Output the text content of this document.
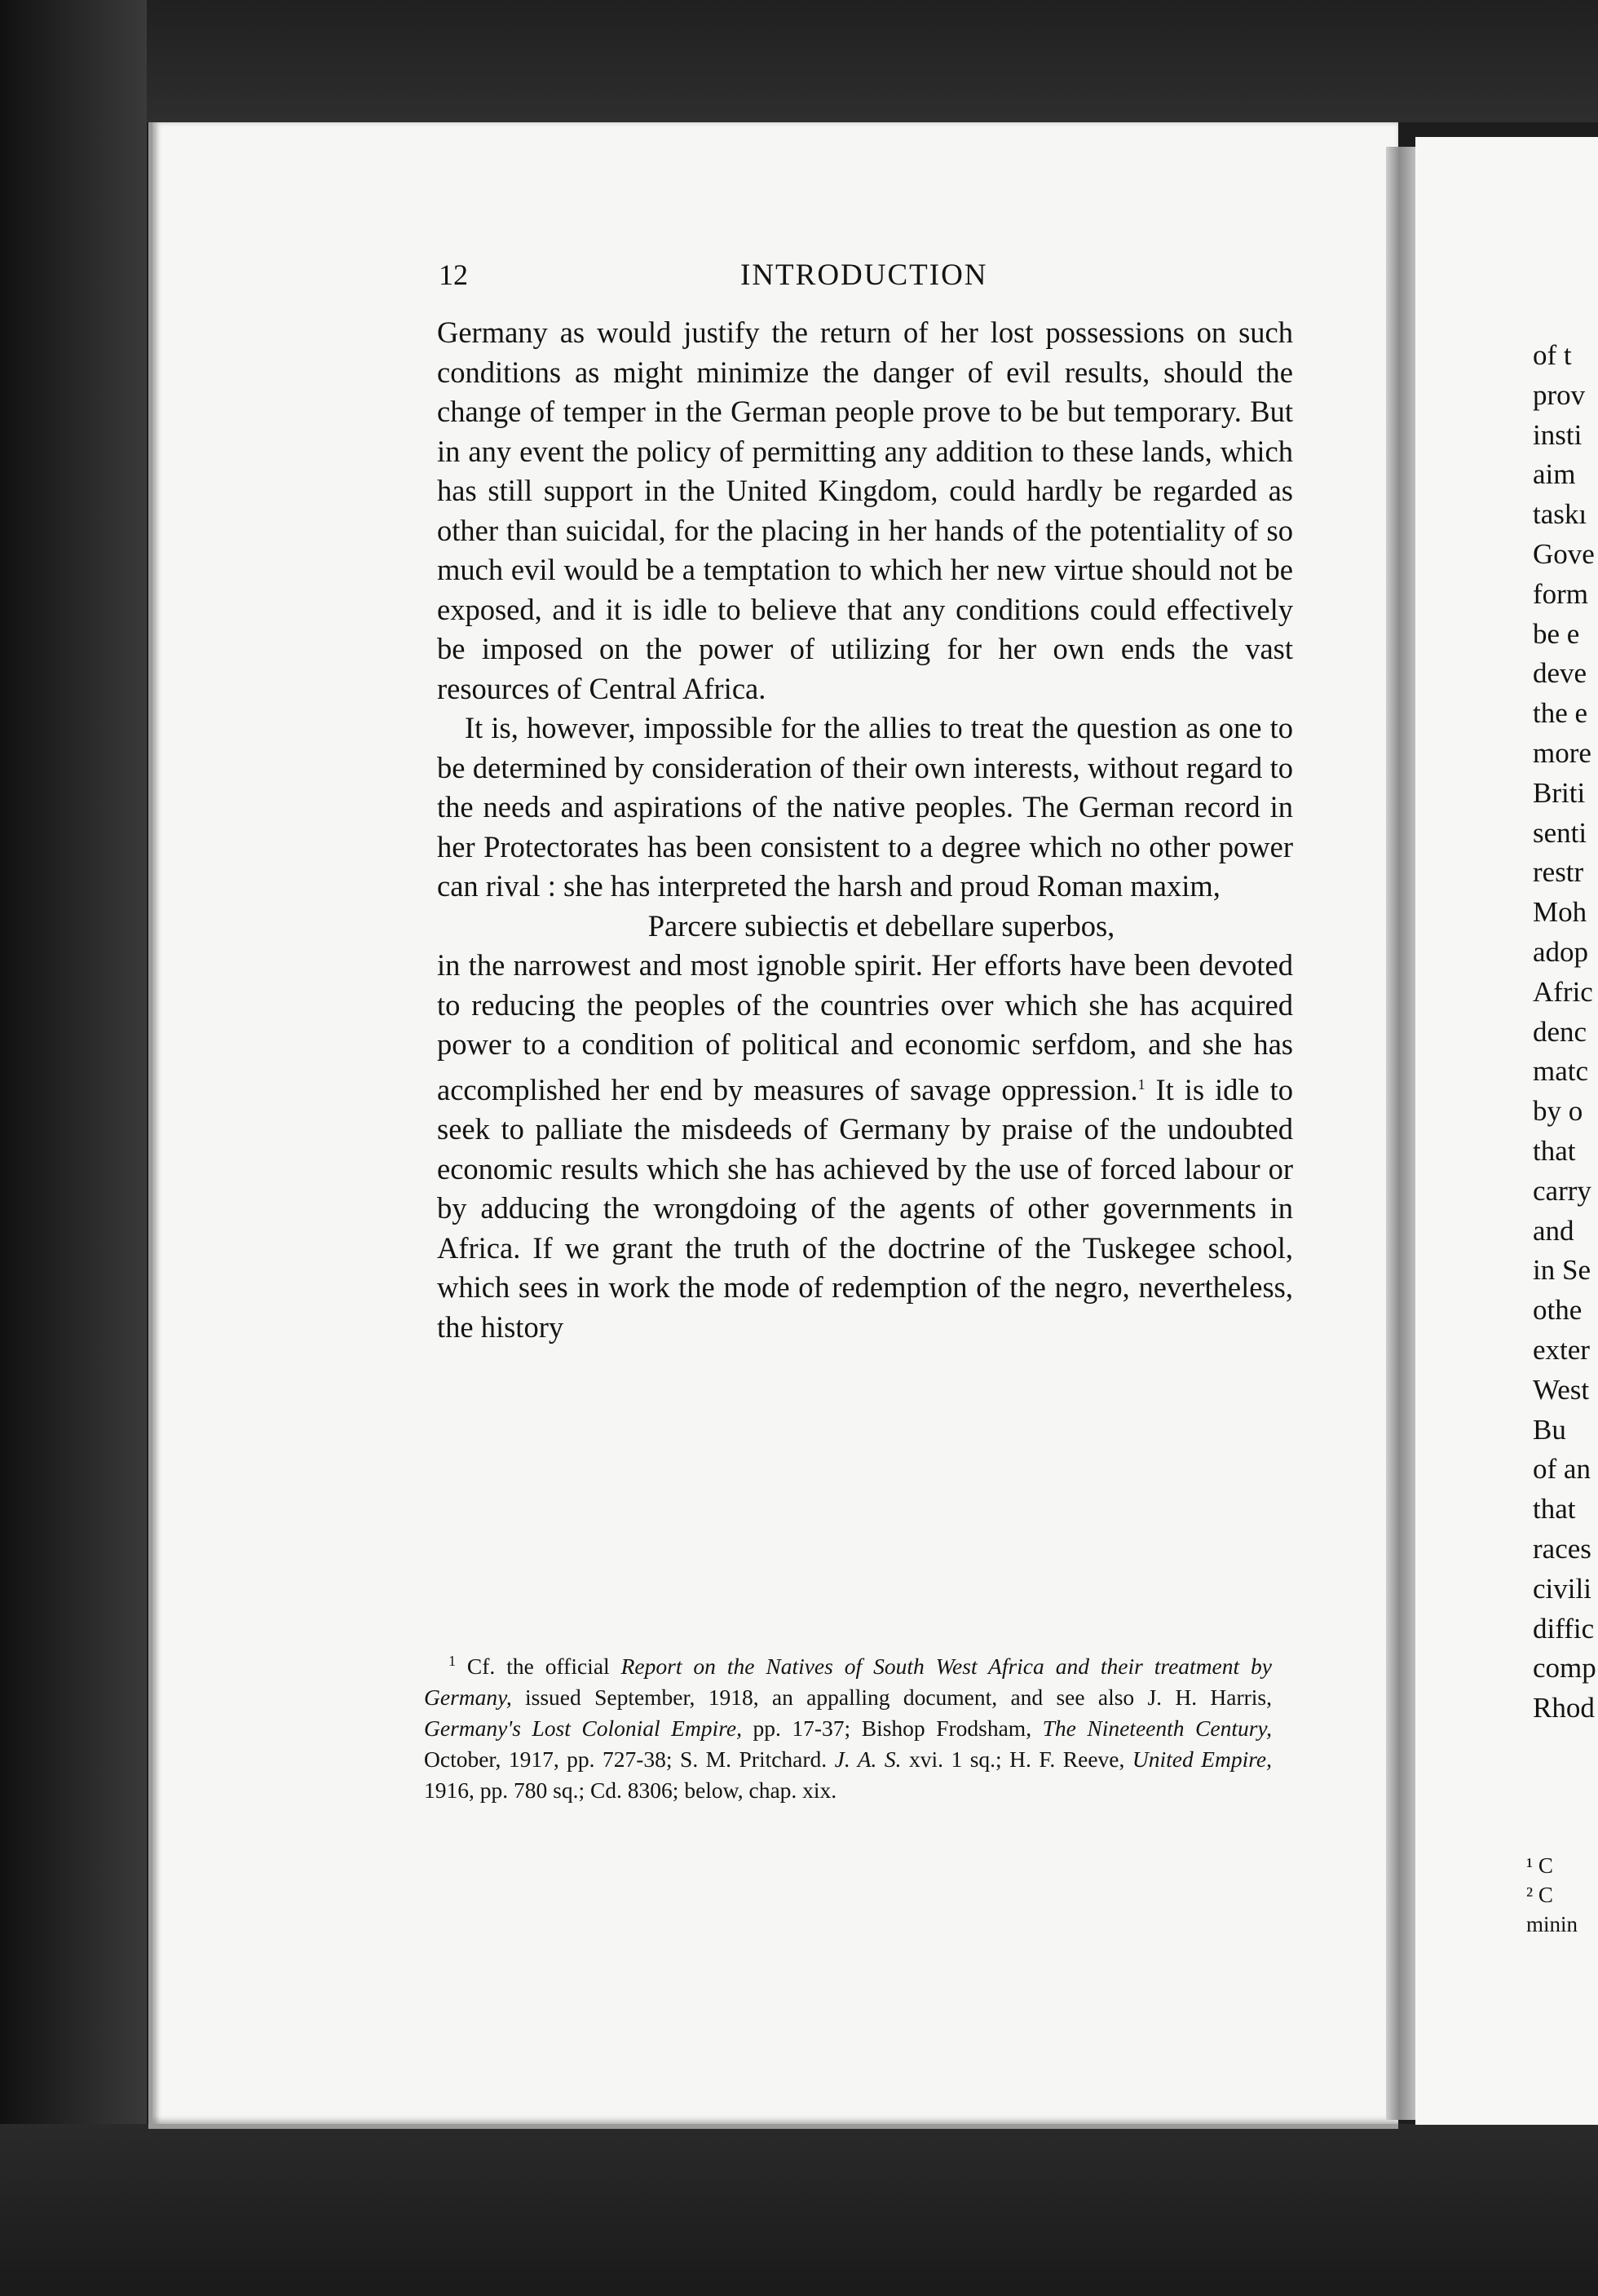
of t
prov
insti
aim
taskı
Gove
form
be e
deve
the e
more
Briti
senti
restr
Moh
adop
Afric
denc
matc
by o
that
carry
and
in Se
othe
exter
West
Bu
of an
that
races
civili
diffic
comp
Rhod
¹ C
² C
minin
12	INTRODUCTION

Germany as would justify the return of her lost possessions on such conditions as might minimize the danger of evil results, should the change of temper in the German people prove to be but temporary. But in any event the policy of permitting any addition to these lands, which has still support in the United Kingdom, could hardly be regarded as other than suicidal, for the placing in her hands of the potentiality of so much evil would be a temptation to which her new virtue should not be exposed, and it is idle to believe that any conditions could effectively be imposed on the power of utilizing for her own ends the vast resources of Central Africa.

It is, however, impossible for the allies to treat the question as one to be determined by consideration of their own interests, without regard to the needs and aspirations of the native peoples. The German record in her Protectorates has been consistent to a degree which no other power can rival : she has interpreted the harsh and proud Roman maxim,

Parcere subiectis et debellare superbos,

in the narrowest and most ignoble spirit. Her efforts have been devoted to reducing the peoples of the countries over which she has acquired power to a condition of political and economic serfdom, and she has accomplished her end by measures of savage oppression.$^1$ It is idle to seek to palliate the misdeeds of Germany by praise of the undoubted economic results which she has achieved by the use of forced labour or by adducing the wrongdoing of the agents of other governments in Africa. If we grant the truth of the doctrine of the Tuskegee school, which sees in work the mode of redemption of the negro, nevertheless, the history

$^1$ Cf. the official Report on the Natives of South West Africa and their treatment by Germany, issued September, 1918, an appalling document, and see also J. H. Harris, Germany's Lost Colonial Empire, pp. 17-37; Bishop Frodsham, The Nineteenth Century, October, 1917, pp. 727-38; S. M. Pritchard. J. A. S. xvi. 1 sq.; H. F. Reeve, United Empire, 1916, pp. 780 sq.; Cd. 8306; below, chap. xix.
